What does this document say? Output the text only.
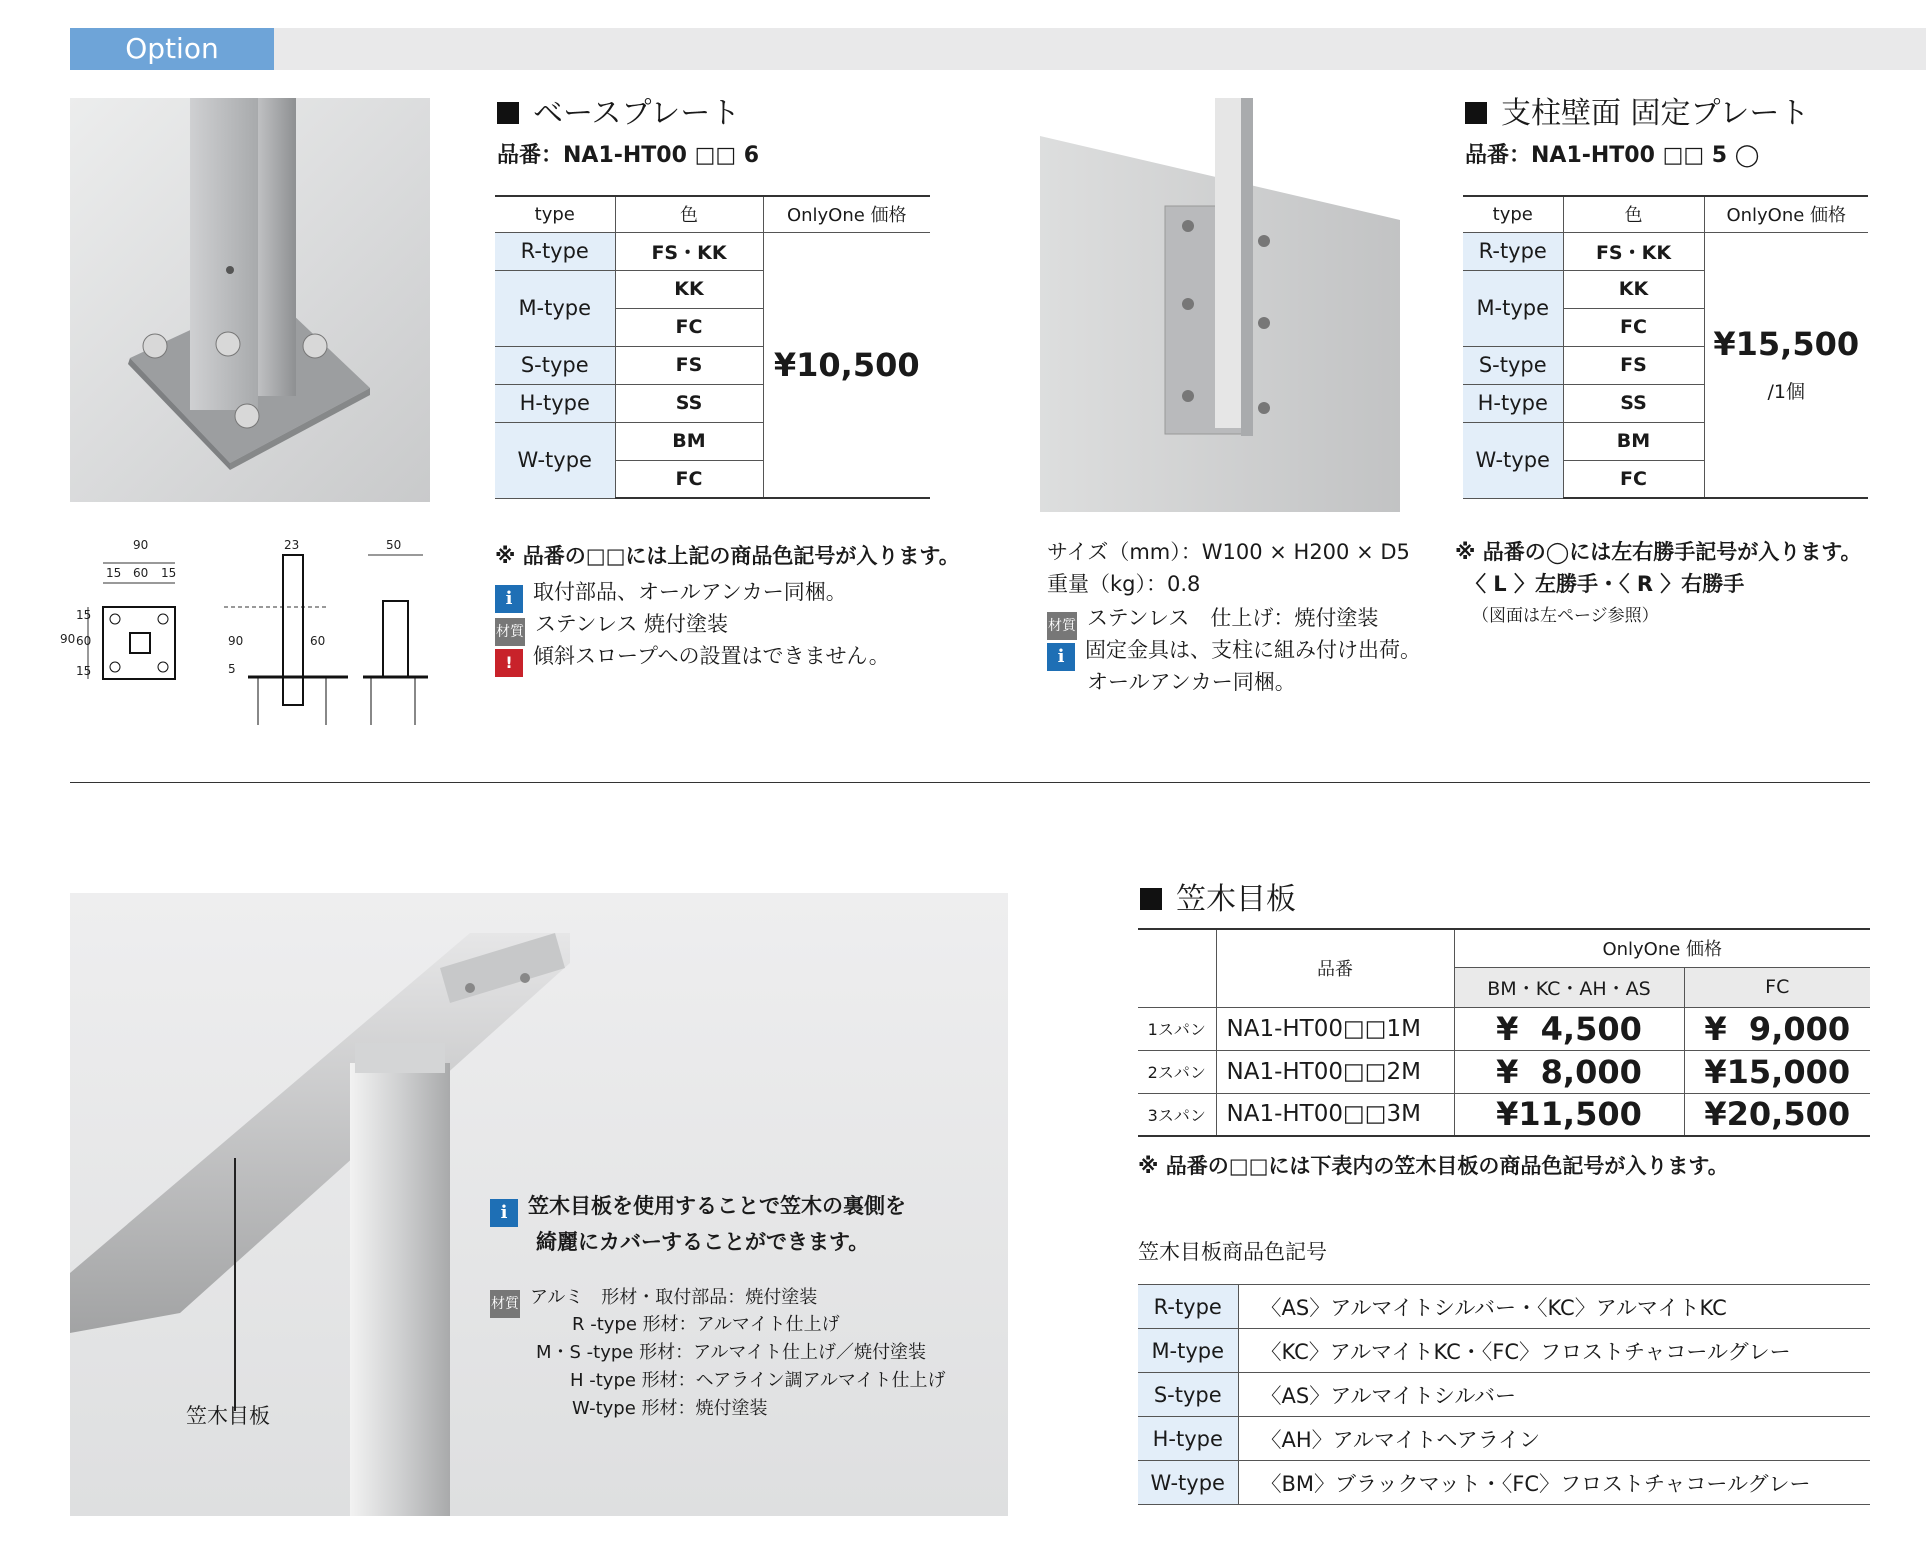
Option
90
15 60 15
90
15
60
15
23
90	60
5
50
ベースプレート
品番：NA1-HT00 □□ 6
type	色	OnlyOne 価格
R-type	FS・KK	¥10,500
M-type	KK	
	FC	
S-type	FS	
H-type	SS	
W-type	BM	
	FC	
※ 品番の□□には上記の商品色記号が入ります。
i 取付部品、オールアンカー同梱。
材質 ステンレス 焼付塗装
! 傾斜スロープへの設置はできません。
支柱壁面 固定プレート
品番：NA1-HT00 □□ 5 ◯
type	色	OnlyOne 価格
R-type	FS・KK	¥15,500
/1個

M-type	KK	
	FC	
S-type	FS	
H-type	SS	
W-type	BM	
	FC	
サイズ（mm）：W100 × H200 × D5
重量（kg）：0.8
材質 ステンレス　仕上げ：焼付塗装
i 固定金具は、支柱に組み付け出荷。
オールアンカー同梱。
※ 品番の◯には左右勝手記号が入ります。
〈 L 〉左勝手・〈 R 〉右勝手
（図面は左ページ参照）
笠木目板
i 笠木目板を使用することで笠木の裏側を
綺麗にカバーすることができます。
材質 アルミ　形材・取付部品：焼付塗装
R -type 形材：アルマイト仕上げ
M・S -type 形材：アルマイト仕上げ／焼付塗装
H -type 形材：ヘアライン調アルマイト仕上げ
W-type 形材：焼付塗装
笠木目板
	品番	OnlyOne 価格	
		BM・KC・AH・AS	FC
1スパン	NA1-HT00□□1M	¥  4,500	¥  9,000
2スパン	NA1-HT00□□2M	¥  8,000	¥15,000
3スパン	NA1-HT00□□3M	¥11,500	¥20,500
※ 品番の□□には下表内の笠木目板の商品色記号が入ります。
笠木目板商品色記号
R-type	〈AS〉アルマイトシルバー・〈KC〉アルマイトKC
M-type	〈KC〉アルマイトKC・〈FC〉フロストチャコールグレー
S-type	〈AS〉アルマイトシルバー
H-type	〈AH〉アルマイトヘアライン
W-type	〈BM〉ブラックマット・〈FC〉フロストチャコールグレー
